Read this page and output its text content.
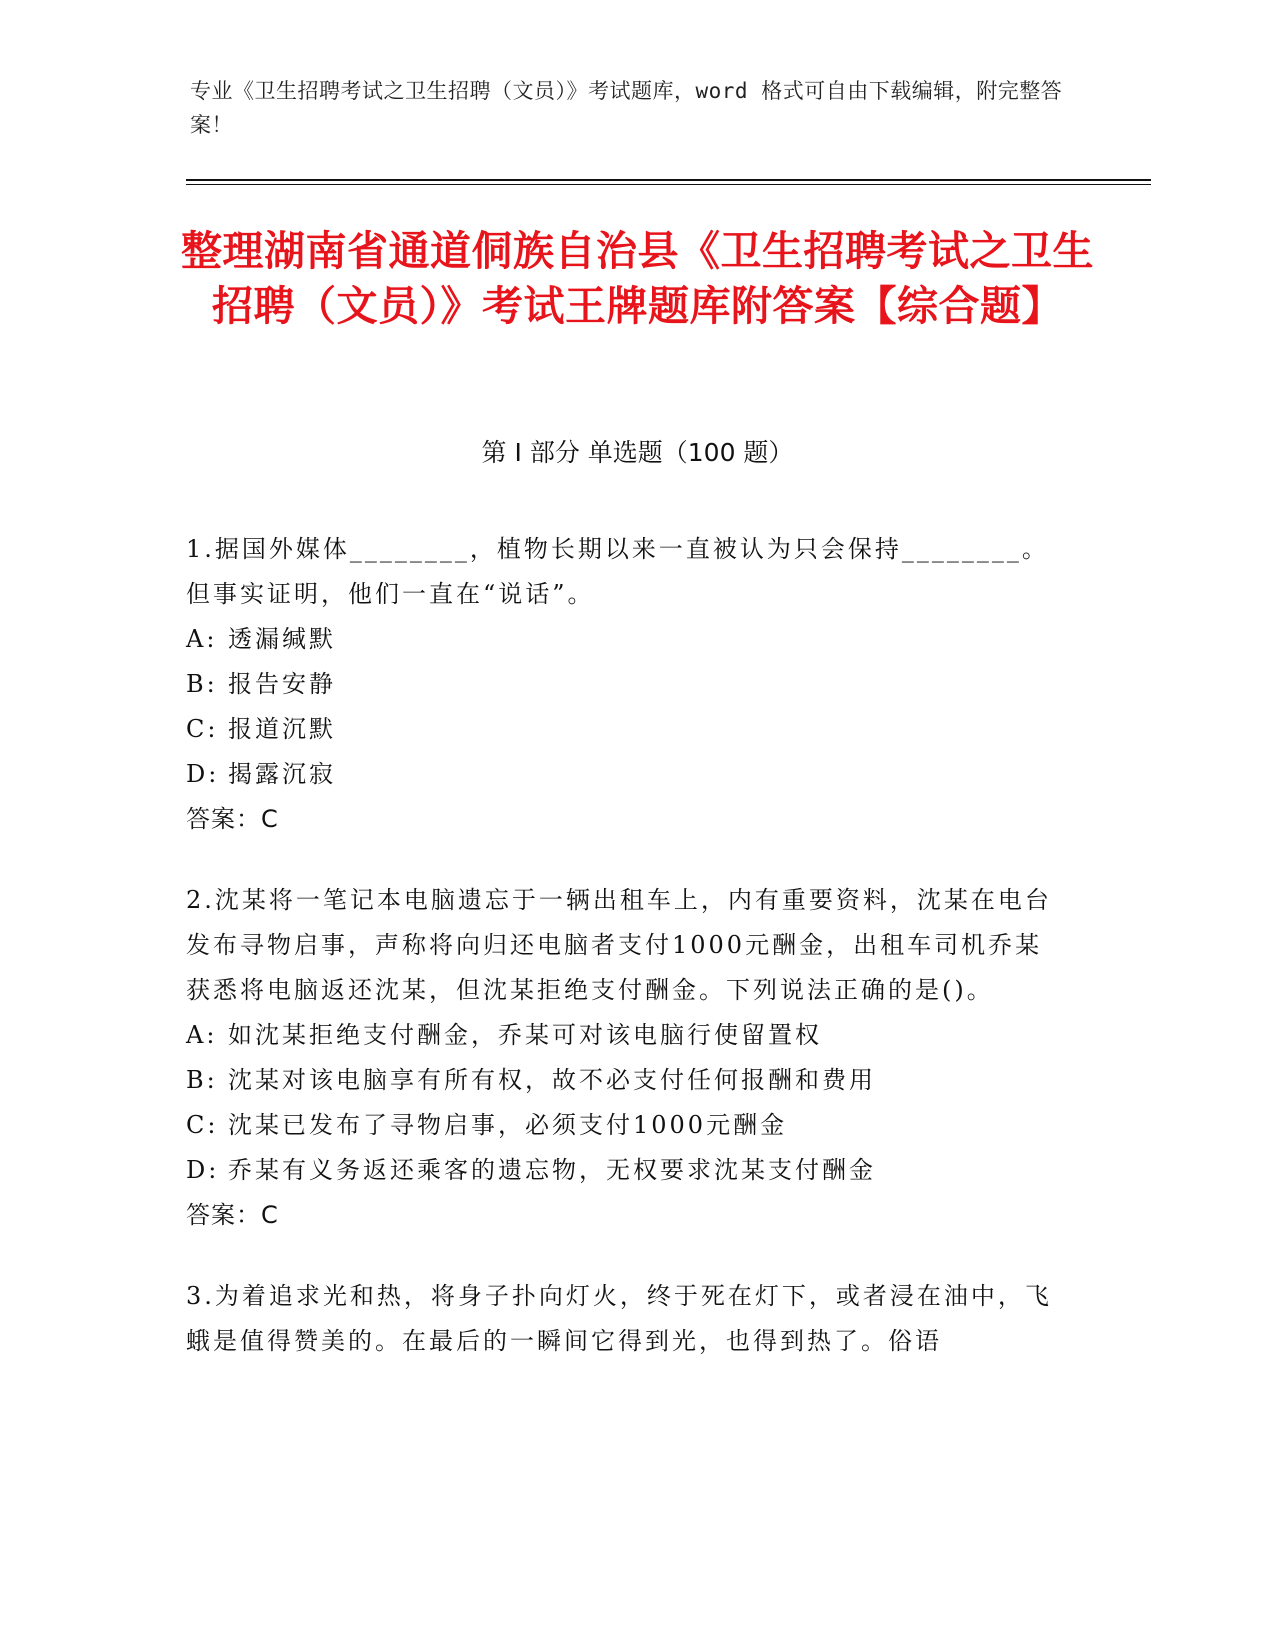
专业《卫生招聘考试之卫生招聘（文员）》考试题库，word 格式可自由下载编辑，附完整答案！
整理湖南省通道侗族自治县《卫生招聘考试之卫生招聘（文员）》考试王牌题库附答案【综合题】
第 I 部分 单选题（100 题）

1.据国外媒体________，植物长期以来一直被认为只会保持________。但事实证明，他们一直在“说话”。

A: 透漏缄默

B: 报告安静

C: 报道沉默

D: 揭露沉寂

答案：C

2.沈某将一笔记本电脑遗忘于一辆出租车上，内有重要资料，沈某在电台发布寻物启事，声称将向归还电脑者支付1000元酬金，出租车司机乔某获悉将电脑返还沈某，但沈某拒绝支付酬金。下列说法正确的是()。

A: 如沈某拒绝支付酬金，乔某可对该电脑行使留置权

B: 沈某对该电脑享有所有权，故不必支付任何报酬和费用

C: 沈某已发布了寻物启事，必须支付1000元酬金

D: 乔某有义务返还乘客的遗忘物，无权要求沈某支付酬金

答案：C

3.为着追求光和热，将身子扑向灯火，终于死在灯下，或者浸在油中，飞蛾是值得赞美的。在最后的一瞬间它得到光，也得到热了。俗语
